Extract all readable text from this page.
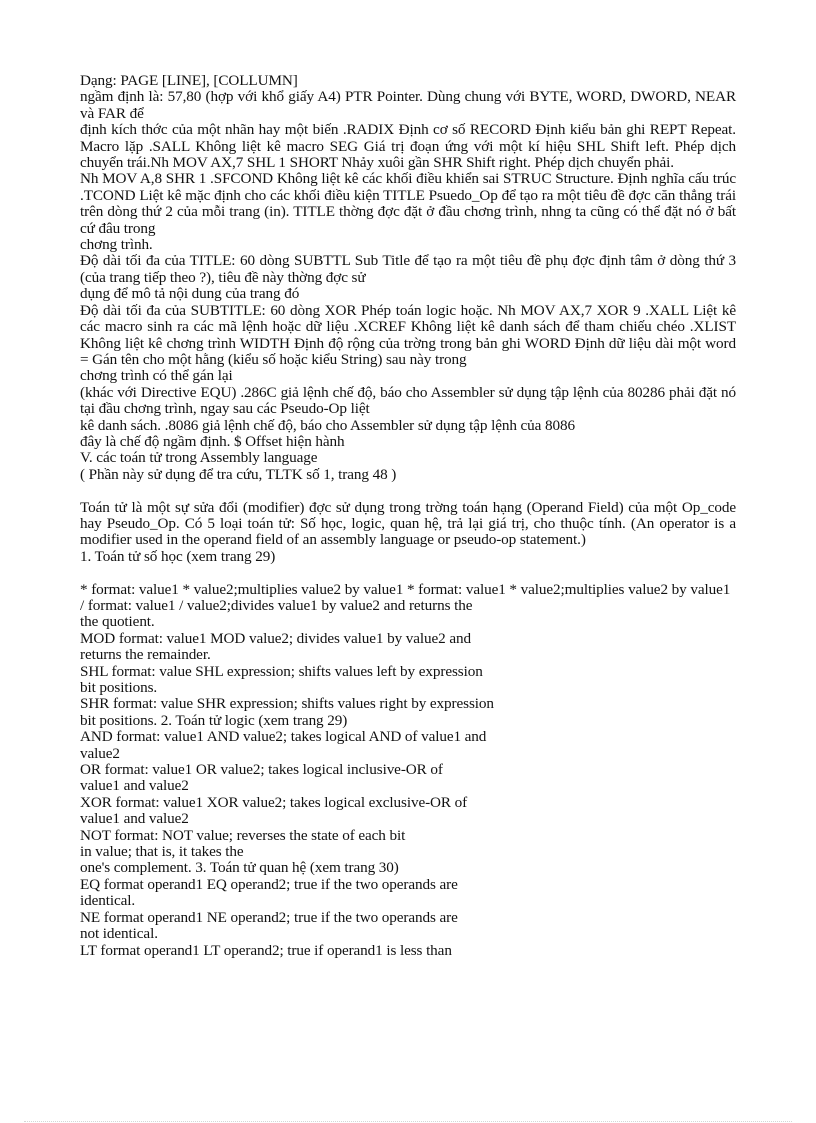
Dạng: PAGE [LINE], [COLLUMN]

ngầm định là: 57,80 (hợp với khổ giấy A4) PTR Pointer. Dùng chung với BYTE, WORD, DWORD, NEAR và FAR để

định kích thớc của một nhãn hay một biến .RADIX Định cơ số RECORD Định kiểu bản ghi REPT Repeat. Macro lặp .SALL Không liệt kê macro SEG Giá trị đoạn ứng với một kí hiệu SHL Shift left. Phép dịch chuyển trái.Nh MOV AX,7 SHL 1 SHORT Nhảy xuôi gần SHR Shift right. Phép dịch chuyển phải.

Nh MOV A,8 SHR 1 .SFCOND Không liệt kê các khối điều khiển sai STRUC Structure. Định nghĩa cấu trúc .TCOND Liệt kê mặc định cho các khối điều kiện TITLE Psuedo_Op để tạo ra một tiêu đề đợc căn thẳng trái trên dòng thứ 2 của mỗi trang (in). TITLE thờng đợc đặt ở đầu chơng trình, nhng ta cũng có thể đặt nó ở bất cứ đâu trong

chơng trình.

Độ dài tối đa của TITLE: 60 dòng SUBTTL Sub Title để tạo ra một tiêu đề phụ đợc định tâm ở dòng thứ 3 (của trang tiếp theo ?), tiêu đề này thờng đợc sử

dụng để mô tả nội dung của trang đó

Độ dài tối đa của SUBTITLE: 60 dòng XOR Phép toán logic hoặc. Nh MOV AX,7 XOR 9 .XALL Liệt kê các macro sinh ra các mã lệnh hoặc dữ liệu .XCREF Không liệt kê danh sách để tham chiếu chéo .XLIST Không liệt kê chơng trình WIDTH Định độ rộng của trờng trong bản ghi WORD Định dữ liệu dài một word = Gán tên cho một hằng (kiểu số hoặc kiểu String) sau này trong

chơng trình có thể gán lại

(khác với Directive EQU) .286C giả lệnh chế độ, báo cho Assembler sử dụng tập lệnh của 80286 phải đặt nó tại đầu chơng trình, ngay sau các Pseudo-Op liệt

kê danh sách. .8086 giả lệnh chế độ, báo cho Assembler sử dụng tập lệnh của 8086

đây là chế độ ngầm định. $ Offset hiện hành

V. các toán tử trong Assembly language

( Phần này sử dụng để tra cứu, TLTK số 1, trang 48 )

Toán tử là một sự sửa đổi (modifier) đợc sử dụng trong trờng toán hạng (Operand Field) của một Op_code hay Pseudo_Op. Có 5 loại toán tử: Số học, logic, quan hệ, trả lại giá trị, cho thuộc tính. (An operator is a modifier used in the operand field of an assembly language or pseudo-op statement.)

1. Toán tử số học (xem trang 29)

* format: value1 * value2;multiplies value2 by value1 * format: value1 * value2;multiplies value2 by value1

/ format: value1 / value2;divides value1 by value2 and returns the

the quotient.

MOD format: value1 MOD value2; divides value1 by value2 and

returns the remainder.

SHL format: value SHL expression; shifts values left by expression

bit positions.

SHR format: value SHR expression; shifts values right by expression

bit positions. 2. Toán tử logic (xem trang 29)

AND format: value1 AND value2; takes logical AND of value1 and

value2

OR format: value1 OR value2; takes logical inclusive-OR of

value1 and value2

XOR format: value1 XOR value2; takes logical exclusive-OR of

value1 and value2

NOT format: NOT value; reverses the state of each bit

in value; that is, it takes the

one's complement. 3. Toán tử quan hệ (xem trang 30)

EQ format operand1 EQ operand2; true if the two operands are

identical.

NE format operand1 NE operand2; true if the two operands are

not identical.

LT format operand1 LT operand2; true if operand1 is less than
